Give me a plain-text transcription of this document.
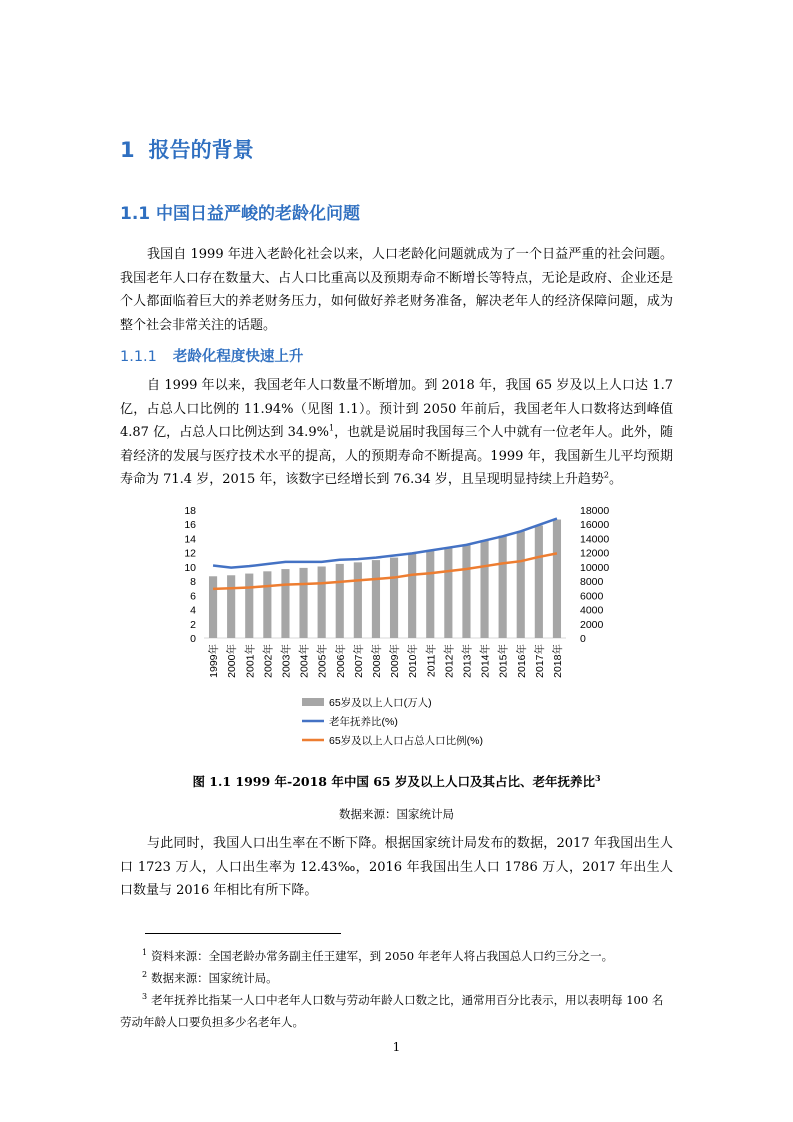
1 报告的背景
1.1 中国日益严峻的老龄化问题

我国自 1999 年进入老龄化社会以来，人口老龄化问题就成为了一个日益严重的社会问题。我国老年人口存在数量大、占人口比重高以及预期寿命不断增长等特点，无论是政府、企业还是个人都面临着巨大的养老财务压力，如何做好养老财务准备，解决老年人的经济保障问题，成为整个社会非常关注的话题。

1.1.1 老龄化程度快速上升

自 1999 年以来，我国老年人口数量不断增加。到 2018 年，我国 65 岁及以上人口达 1.7 亿，占总人口比例的 11.94%（见图 1.1）。预计到 2050 年前后，我国老年人口数将达到峰值 4.87 亿，占总人口比例达到 34.9%$^1$，也就是说届时我国每三个人中就有一位老年人。此外，随着经济的发展与医疗技术水平的提高，人的预期寿命不断提高。1999 年，我国新生儿平均预期寿命为 71.4 岁，2015 年，该数字已经增长到 76.34 岁，且呈现明显持续上升趋势$^2$。

0
2
4
6
8
10
12
14
16
18
0
2000
4000
6000
8000
10000
12000
14000
16000
18000
1999年 2000年 2001年 2002年 2003年 2004年 2005年 2006年 2007年 2008年 2009年 2010年 2011年 2012年 2013年 2014年 2015年 2016年 2017年 2018年
65岁及以上人口(万人)
老年抚养比(%)
65岁及以上人口占总人口比例(%)
图 1.1 1999 年-2018 年中国 65 岁及以上人口及其占比、老年抚养比$^3$
数据来源：国家统计局

与此同时，我国人口出生率在不断下降。根据国家统计局发布的数据，2017 年我国出生人口 1723 万人，人口出生率为 12.43‰，2016 年我国出生人口 1786 万人，2017 年出生人口数量与 2016 年相比有所下降。

$^1$ 资料来源：全国老龄办常务副主任王建军，到 2050 年老年人将占我国总人口约三分之一。

$^2$ 数据来源：国家统计局。

$^3$ 老年抚养比指某一人口中老年人口数与劳动年龄人口数之比，通常用百分比表示，用以表明每 100 名劳动年龄人口要负担多少名老年人。

1
